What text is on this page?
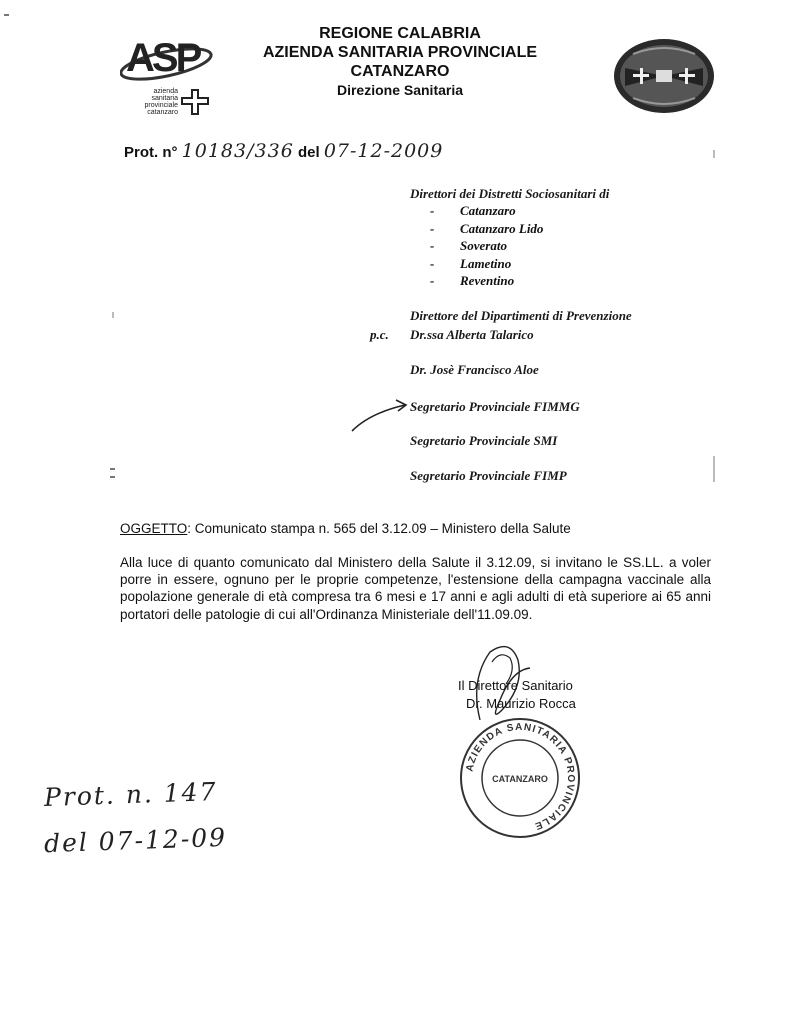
ASP
azienda
sanitaria
provinciale
catanzaro
REGIONE CALABRIA
AZIENDA SANITARIA PROVINCIALE
CATANZARO
Direzione Sanitaria
Prot. n° 10183/336 del 07-12-2009
Direttori dei Distretti Sociosanitari di
- Catanzaro
- Catanzaro Lido
- Soverato
- Lametino
- Reventino
Direttore del Dipartimenti di Prevenzione
p.c. Dr.ssa Alberta Talarico
Dr. Josè Francisco Aloe
Segretario Provinciale FIMMG
Segretario Provinciale SMI
Segretario Provinciale FIMP
OGGETTO: Comunicato stampa n. 565 del 3.12.09 – Ministero della Salute
Alla luce di quanto comunicato dal Ministero della Salute il 3.12.09, si invitano le SS.LL. a voler porre in essere, ognuno per le proprie competenze, l'estensione della campagna vaccinale alla popolazione generale di età compresa tra 6 mesi e 17 anni e agli adulti di età superiore ai 65 anni portatori delle patologie di cui all'Ordinanza Ministeriale dell'11.09.09.
Il Direttore Sanitario
Dr. Maurizio Rocca
AZIENDA SANITARIA PROVINCIALE
CATANZARO
Prot. n. 147
del 07-12-09
